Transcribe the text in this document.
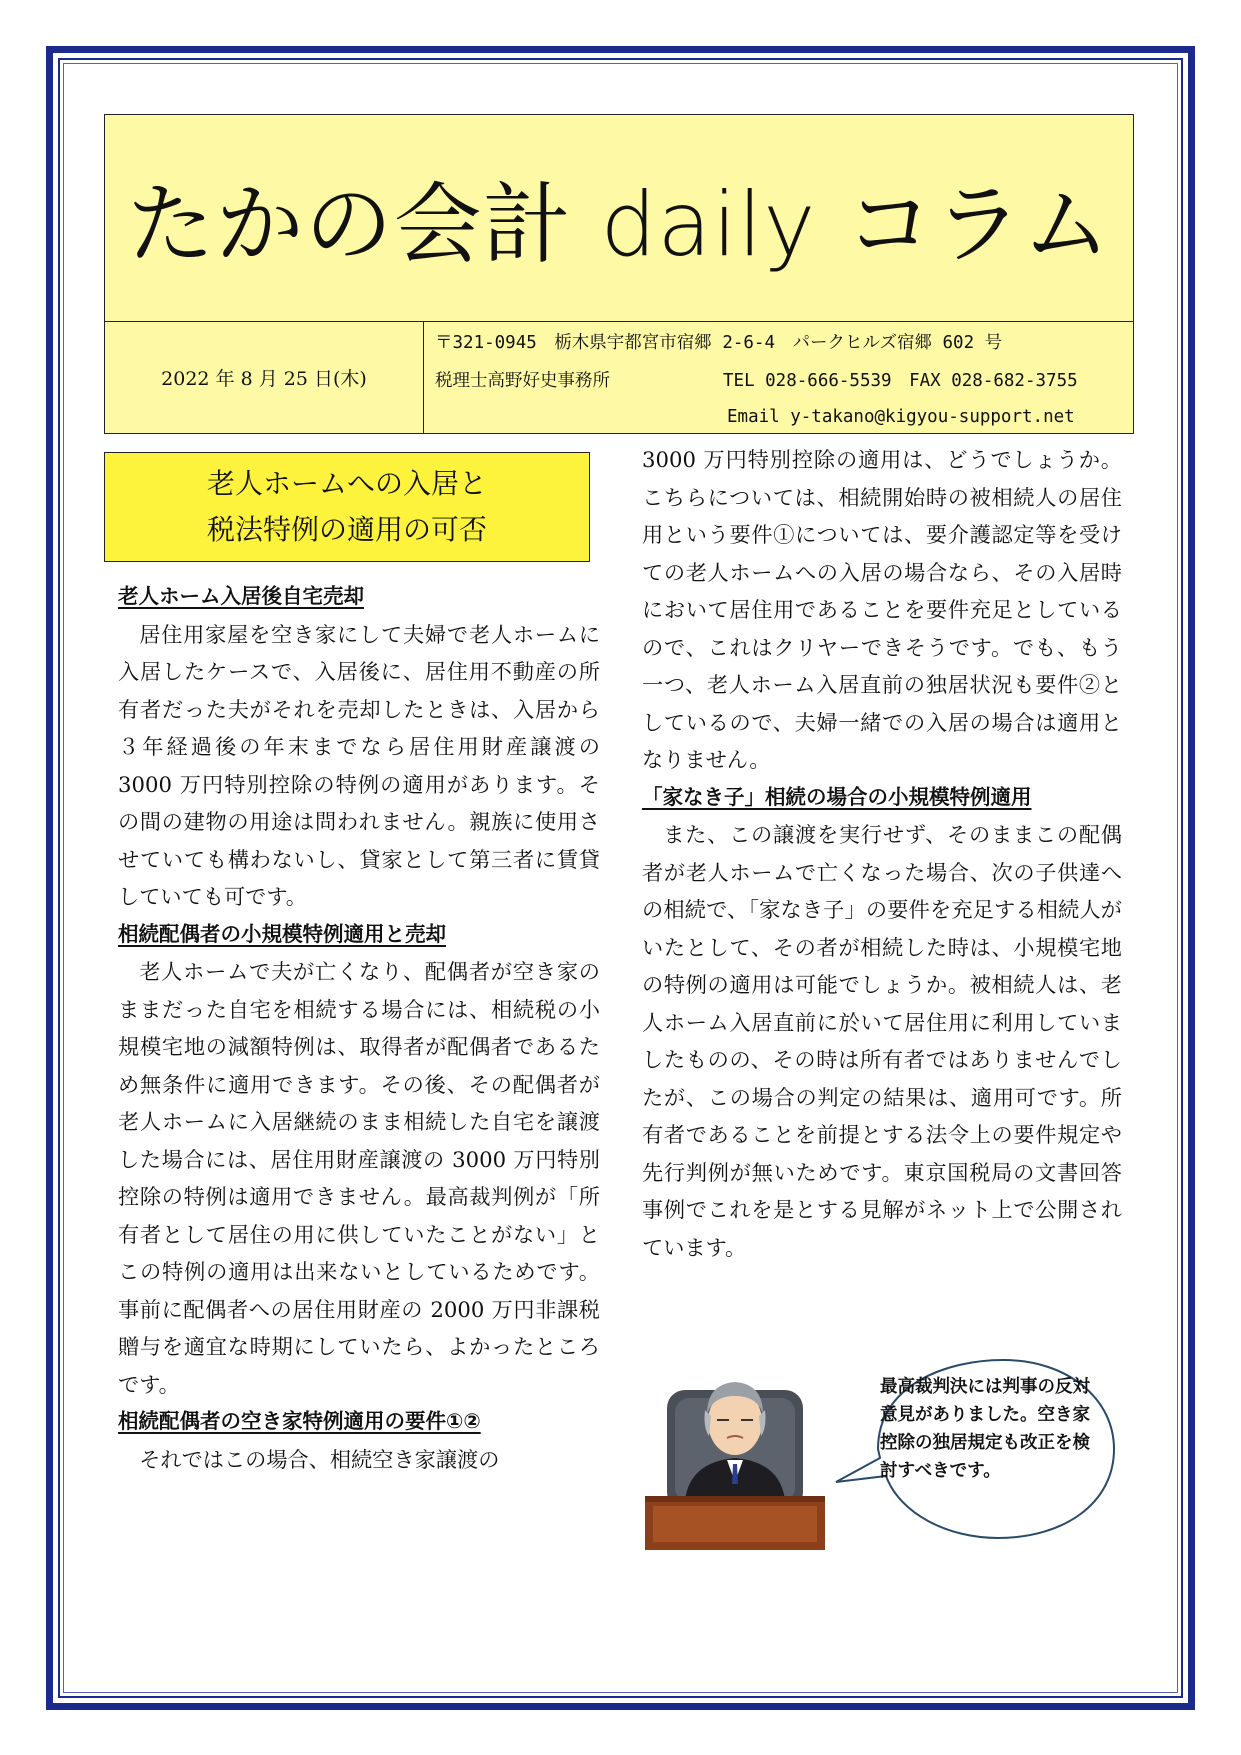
たかの会計 daily コラム
2022 年 8 月 25 日(木)
〒321-0945　栃木県宇都宮市宿郷 2-6-4　パークヒルズ宿郷 602 号
税理士高野好史事務所	TEL 028-666-5539　FAX 028-682-3755
Email y-takano@kigyou-support.net
老人ホームへの入居と
税法特例の適用の可否
老人ホーム入居後自宅売却

居住用家屋を空き家にして夫婦で老人ホームに入居したケースで、入居後に、居住用不動産の所有者だった夫がそれを売却したときは、入居から３年経過後の年末までなら居住用財産譲渡の 3000 万円特別控除の特例の適用があります。その間の建物の用途は問われません。親族に使用させていても構わないし、貸家として第三者に賃貸していても可です。

相続配偶者の小規模特例適用と売却

老人ホームで夫が亡くなり、配偶者が空き家のままだった自宅を相続する場合には、相続税の小規模宅地の減額特例は、取得者が配偶者であるため無条件に適用できます。その後、その配偶者が老人ホームに入居継続のまま相続した自宅を譲渡した場合には、居住用財産譲渡の 3000 万円特別控除の特例は適用できません。最高裁判例が「所有者として居住の用に供していたことがない」とこの特例の適用は出来ないとしているためです。事前に配偶者への居住用財産の 2000 万円非課税贈与を適宜な時期にしていたら、よかったところです。

相続配偶者の空き家特例適用の要件①②

それではこの場合、相続空き家譲渡の

3000 万円特別控除の適用は、どうでしょうか。こちらについては、相続開始時の被相続人の居住用という要件①については、要介護認定等を受けての老人ホームへの入居の場合なら、その入居時において居住用であることを要件充足としているので、これはクリヤーできそうです。でも、もう一つ、老人ホーム入居直前の独居状況も要件②としているので、夫婦一緒での入居の場合は適用となりません。

「家なき子」相続の場合の小規模特例適用

また、この譲渡を実行せず、そのままこの配偶者が老人ホームで亡くなった場合、次の子供達への相続で、「家なき子」の要件を充足する相続人がいたとして、その者が相続した時は、小規模宅地の特例の適用は可能でしょうか。被相続人は、老人ホーム入居直前に於いて居住用に利用していましたものの、その時は所有者ではありませんでしたが、この場合の判定の結果は、適用可です。所有者であることを前提とする法令上の要件規定や先行判例が無いためです。東京国税局の文書回答事例でこれを是とする見解がネット上で公開されています。

最高裁判決には判事の反対意見がありました。空き家控除の独居規定も改正を検討すべきです。
